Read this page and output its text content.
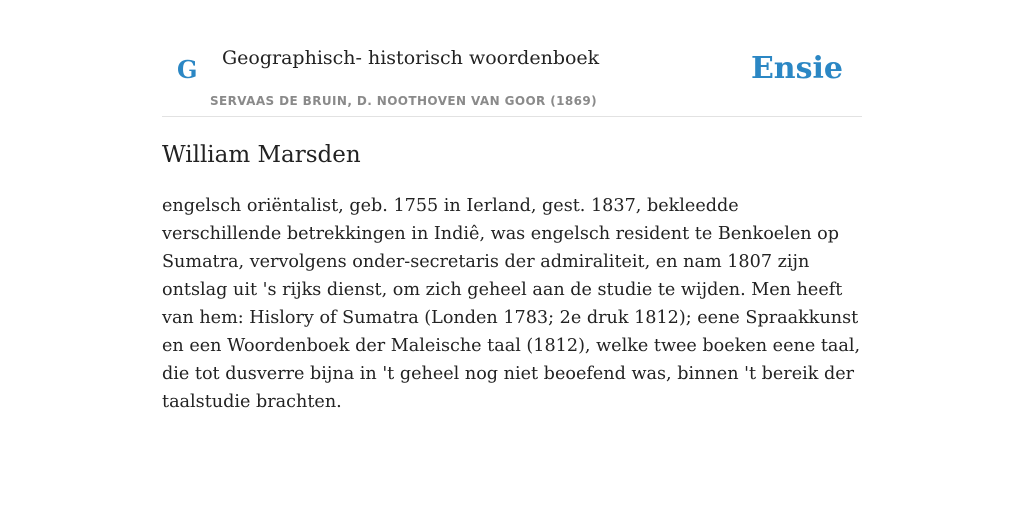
G Geographisch- historisch woordenboek
SERVAAS DE BRUIN, D. NOOTHOVEN VAN GOOR (1869)
Ensie
William Marsden

engelsch oriëntalist, geb. 1755 in Ierland, gest. 1837, bekleedde verschillende betrekkingen in Indiê, was engelsch resident te Benkoelen op Sumatra, vervolgens onder-secretaris der admiraliteit, en nam 1807 zijn ontslag uit 's rijks dienst, om zich geheel aan de studie te wijden. Men heeft van hem: Hislory of Sumatra (Londen 1783; 2e druk 1812); eene Spraakkunst en een Woordenboek der Maleische taal (1812), welke twee boeken eene taal, die tot dusverre bijna in 't geheel nog niet beoefend was, binnen 't bereik der taalstudie brachten.
